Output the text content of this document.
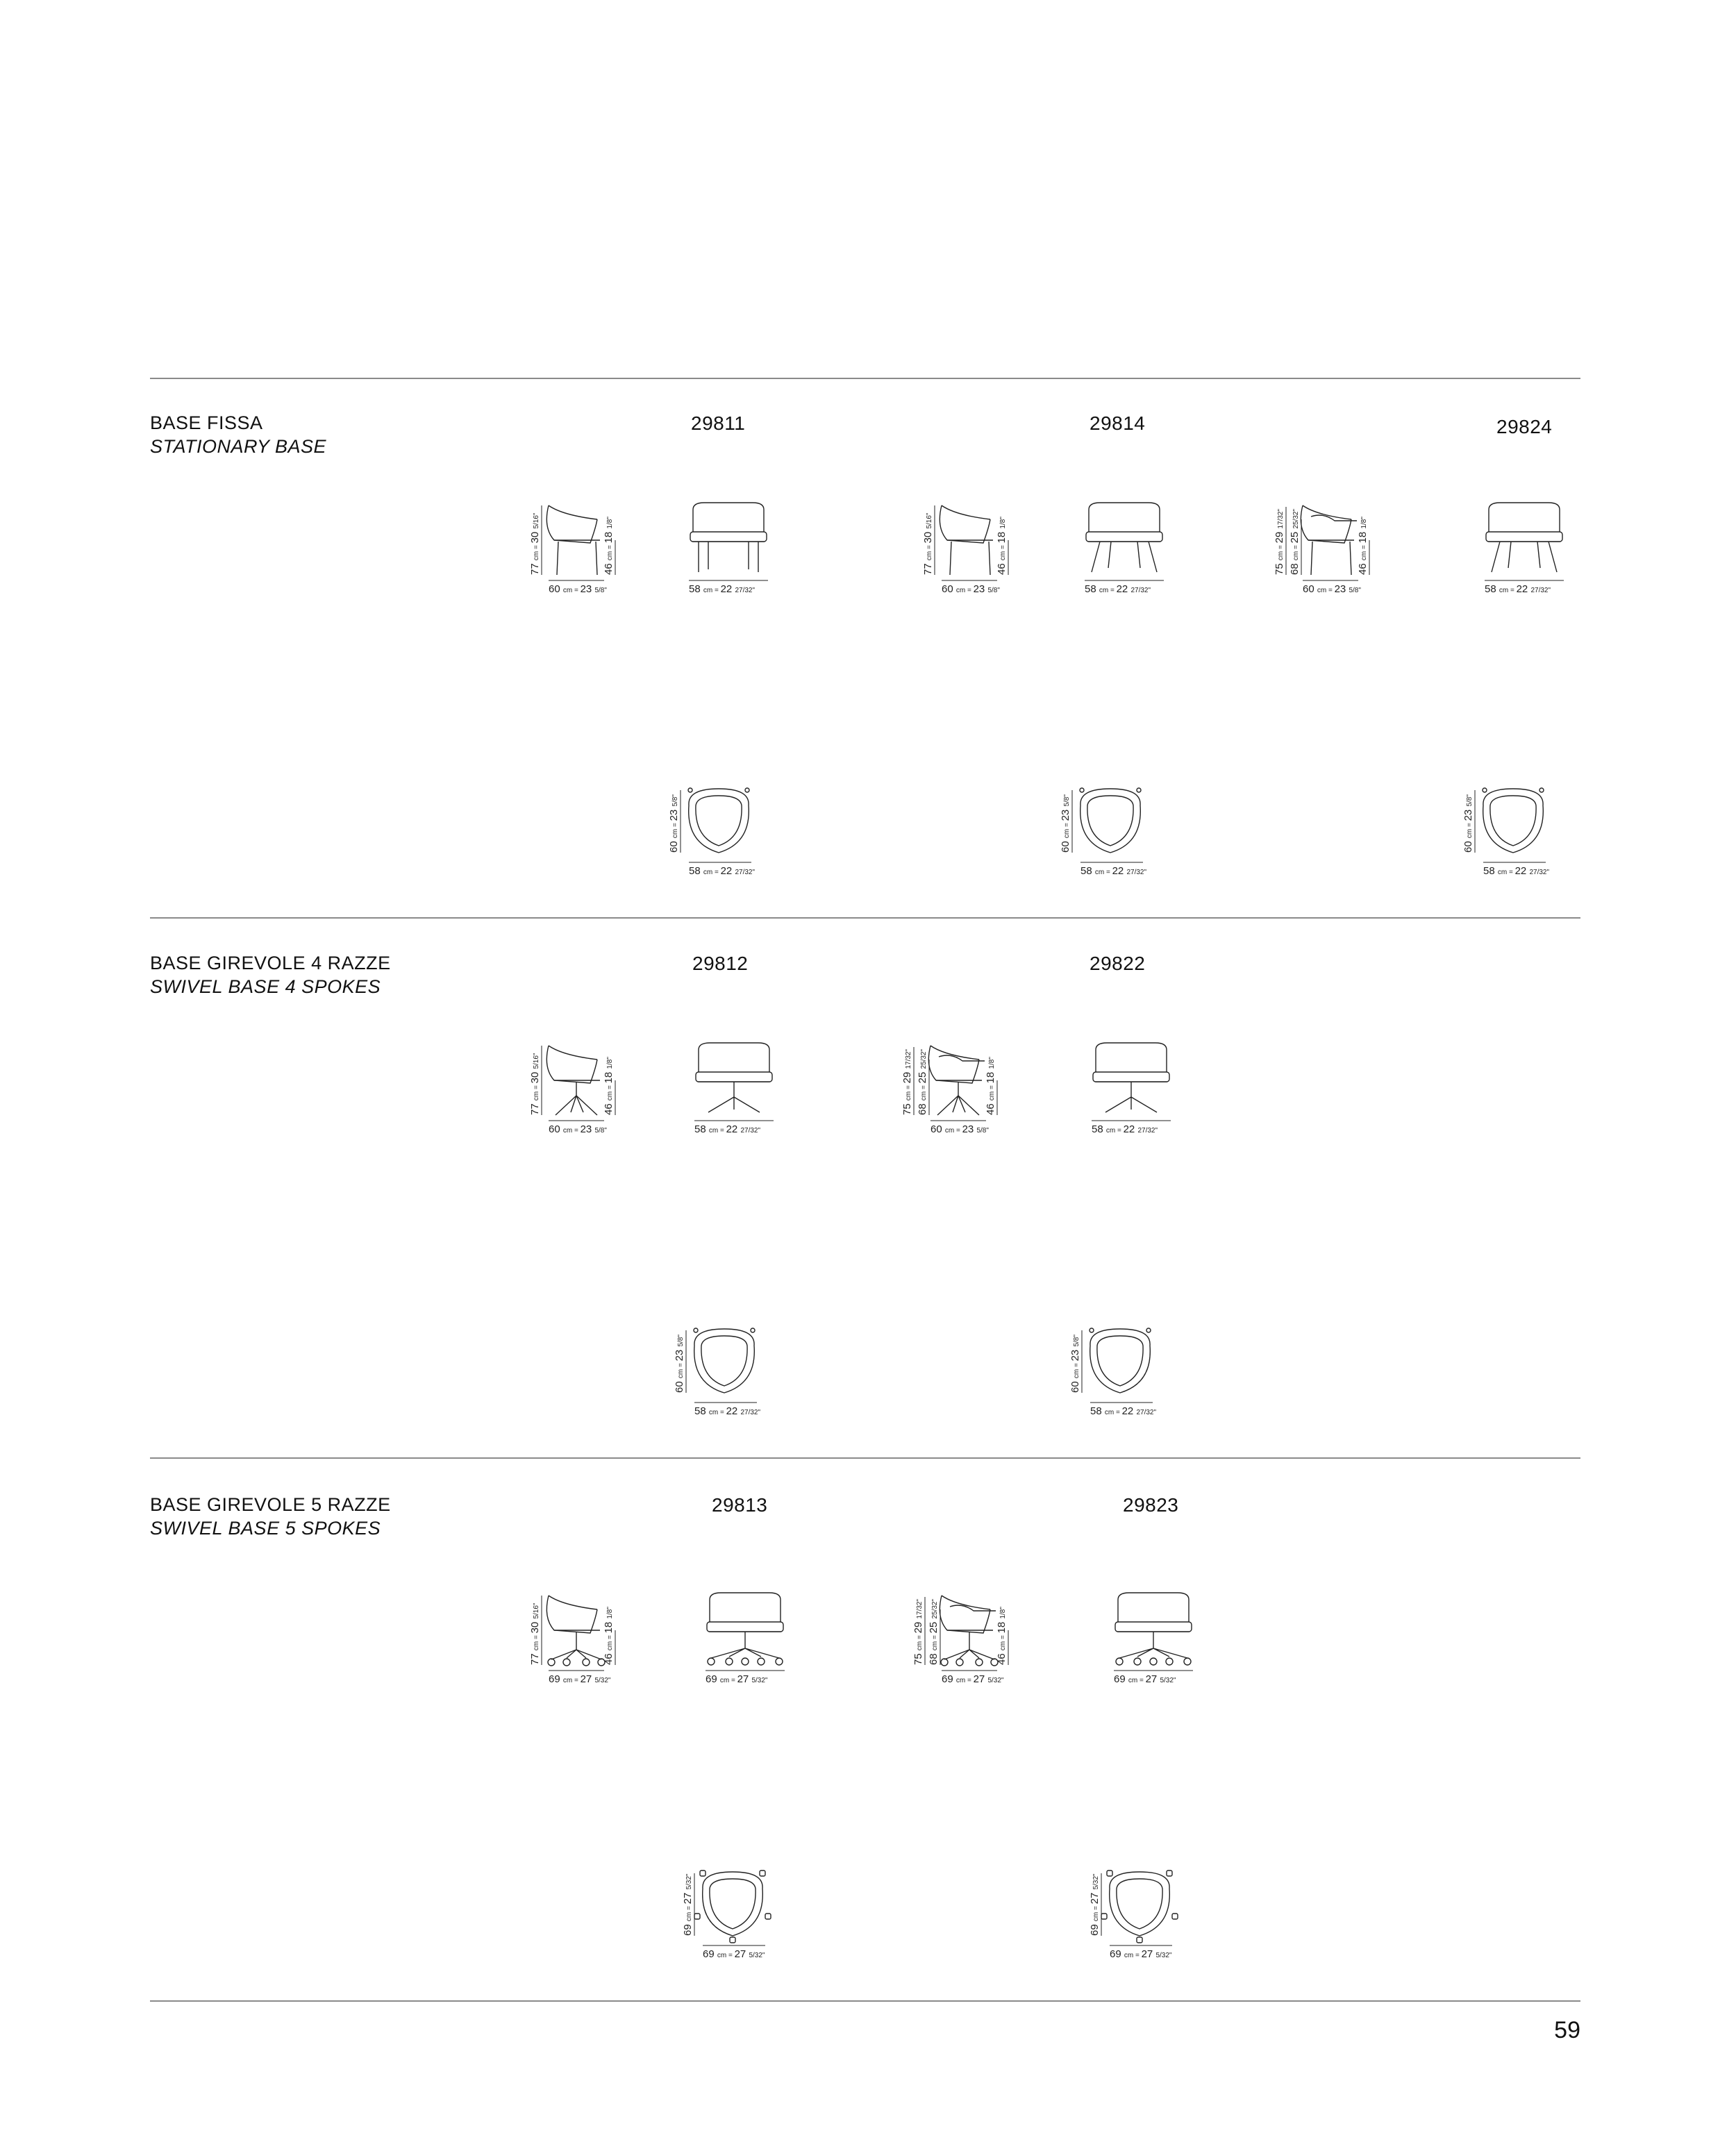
BASE FISSA
STATIONARY BASE
29811	29814	29824
BASE GIREVOLE 4 RAZZE
SWIVEL BASE 4 SPOKES
29812	29822
BASE GIREVOLE 5 RAZZE
SWIVEL BASE 5 SPOKES
29813	29823
59
77 cm = 30 5/16"
46 cm = 18 1/8"
60 cm = 23 5/8"	58 cm = 22 27/32"
60 cm = 23 5/8"
58 cm = 22 27/32"
77 cm = 30 5/16"
46 cm = 18 1/8"
60 cm = 23 5/8"	58 cm = 22 27/32"
60 cm = 23 5/8"
58 cm = 22 27/32"
75 cm = 29 17/32"
68 cm = 25 25/32"
46 cm = 18 1/8"
60 cm = 23 5/8"	58 cm = 22 27/32"
60 cm = 23 5/8"
58 cm = 22 27/32"
77 cm = 30 5/16"
46 cm = 18 1/8"
60 cm = 23 5/8"	58 cm = 22 27/32"
60 cm = 23 5/8"
58 cm = 22 27/32"
75 cm = 29 17/32"
68 cm = 25 25/32"
46 cm = 18 1/8"
60 cm = 23 5/8"	58 cm = 22 27/32"
60 cm = 23 5/8"
58 cm = 22 27/32"
77 cm = 30 5/16"
46 cm = 18 1/8"
69 cm = 27 5/32"	69 cm = 27 5/32"
69 cm = 27 5/32"
69 cm = 27 5/32"
75 cm = 29 17/32"
68 cm = 25 25/32"
46 cm = 18 1/8"
69 cm = 27 5/32"	69 cm = 27 5/32"
69 cm = 27 5/32"
69 cm = 27 5/32"
